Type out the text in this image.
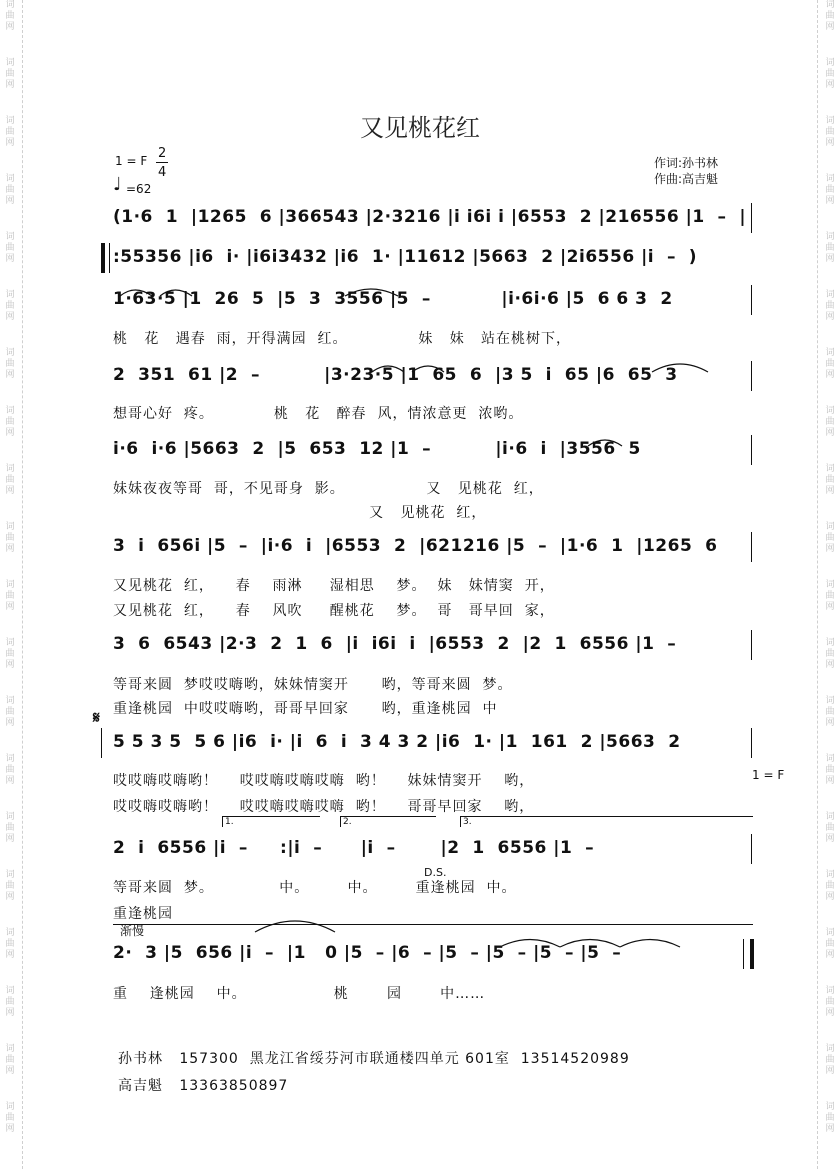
词
曲
网
词
曲
网
词
曲
网
词
曲
网
词
曲
网
词
曲
网
词
曲
网
词
曲
网
词
曲
网
词
曲
网
词
曲
网
词
曲
网
词
曲
网
词
曲
网
词
曲
网
词
曲
网
词
曲
网
词
曲
网
词
曲
网
词
曲
网
词
曲
网
词
曲
网
词
曲
网
词
曲
网
词
曲
网
词
曲
网
词
曲
网
词
曲
网
词
曲
网
词
曲
网
词
曲
网
词
曲
网
词
曲
网
词
曲
网
词
曲
网
词
曲
网
词
曲
网
词
曲
网
词
曲
网
词
曲
网
又见桃花红
1 = F 2
4
♩ =62
作词:孙书林
作曲:高吉魁
(1·6  1  |1265  6 |366543 |2·3216 |i i6i i |6553  2 |216556 |1  –  |
:55356 |i6  i· |i6i3432 |i6  1· |11612 |5663  2 |2i6556 |i  –  )
1·63·5 |1  26  5  |5  3  3556 |5  –           |i·6i·6 |5  6 6 3  2
桃   花   遇春  雨，开得满园  红。             妹   妹   站在桃树下，
2  351  61 |2  –          |3·23·5 |1  65  6  |3 5  i  65 |6  65  3
想哥心好  疼。           桃   花   醉春  风，情浓意更  浓哟。
i·6  i·6 |5663  2  |5  653  12 |1  –          |i·6  i  |3556  5
妹妹夜夜等哥  哥，不见哥身  影。               又   见桃花  红，
又   见桃花  红，
3  i  656i |5  –  |i·6  i  |6553  2  |621216 |5  –  |1·6  1  |1265  6
又见桃花  红，    春    雨淋     湿相思    梦。  妹   妹情窦  开，
又见桃花  红，    春    风吹     醒桃花    梦。  哥   哥早回  家，
3  6  6543 |2·3  2  1  6  |i  i6i  i  |6553  2  |2  1  6556 |1  –
等哥来圆  梦哎哎嗨哟，妹妹情窦开      哟，等哥来圆  梦。
重逢桃园  中哎哎嗨哟，哥哥早回家      哟，重逢桃园  中
𝄋
5 5 3 5  5 6 |i6  i· |i  6  i  3 4 3 2 |i6  1· |1  161  2 |5663  2
哎哎嗨哎嗨哟！    哎哎嗨哎嗨哎嗨  哟！    妹妹情窦开    哟，
哎哎嗨哎嗨哟！    哎哎嗨哎嗨哎嗨  哟！    哥哥早回家    哟，
1 = F
1.	2.	3.
2  i  6556 |i  –     :|i  –      |i  –       |2  1  6556 |1  –
D.S.
等哥来圆  梦。            中。       中。       重逢桃园  中。
重逢桃园
渐慢
2·  3 |5  656 |i  –  |1   0 |5  – |6  – |5  – |5  – |5  – |5  –
重    逢桃园    中。                桃       园       中……
孙书林   157300  黑龙江省绥芬河市联通楼四单元 601室  13514520989
高吉魁   13363850897
